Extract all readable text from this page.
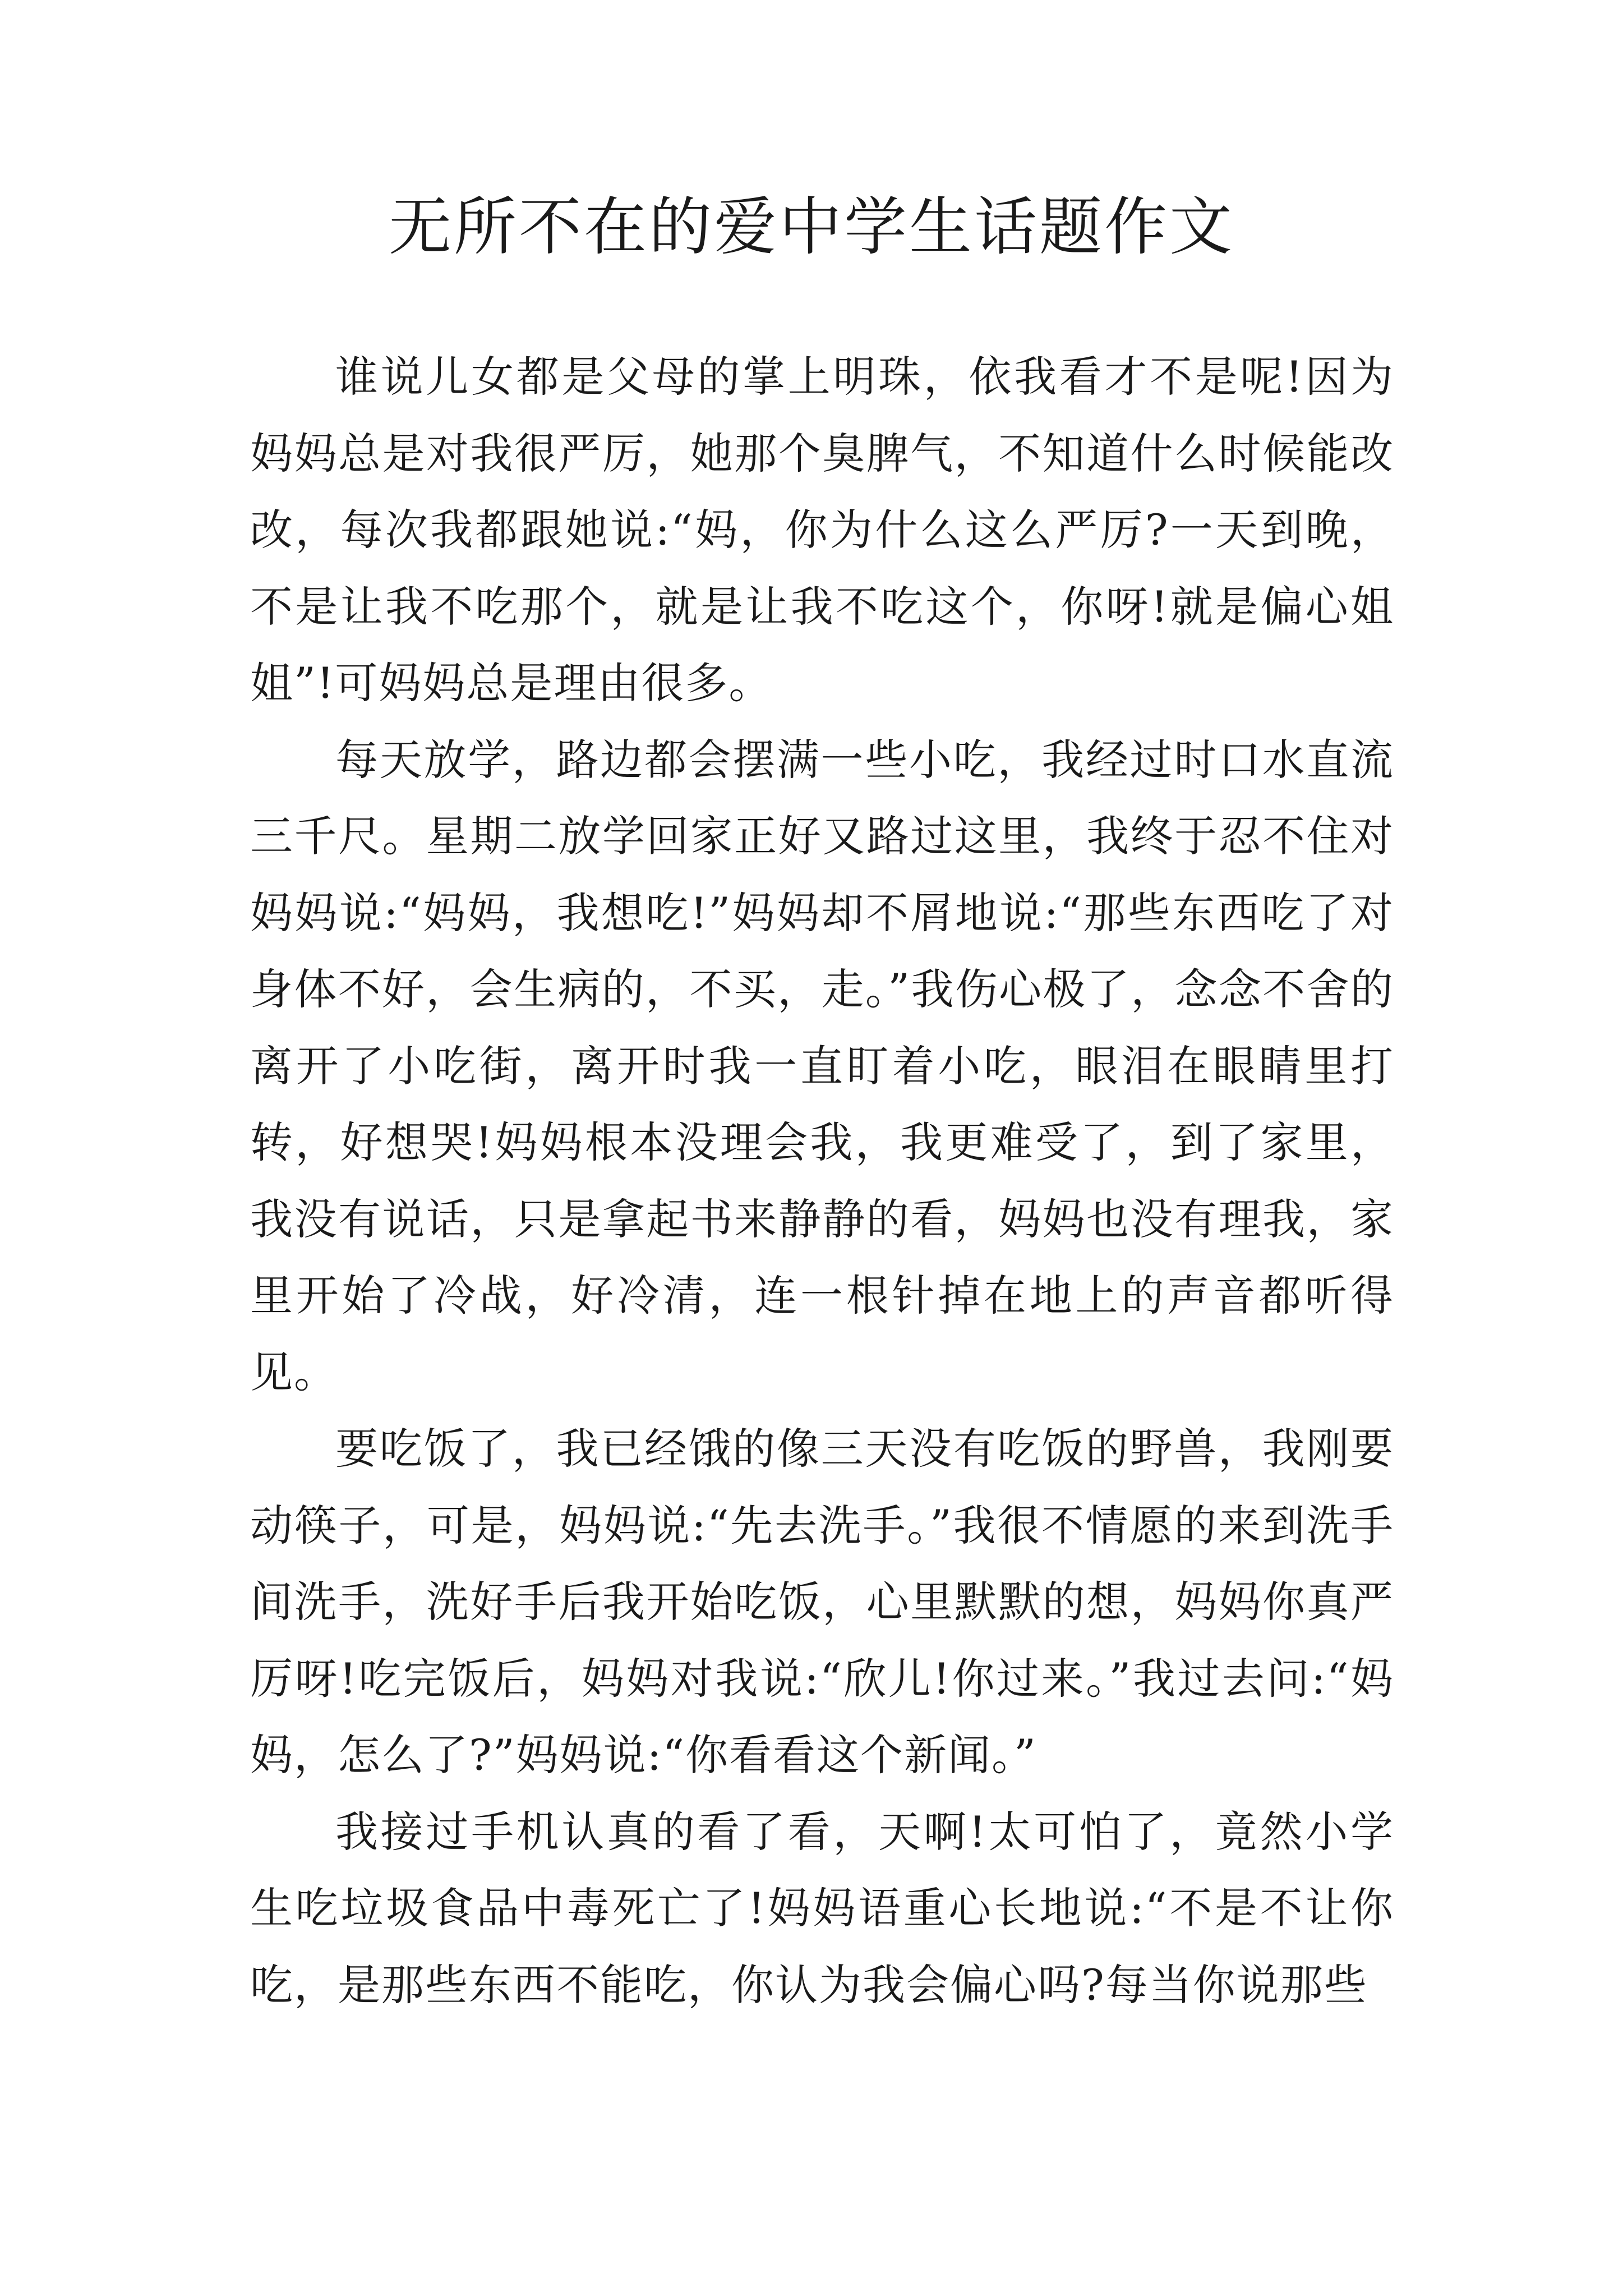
无所不在的爱中学生话题作文

谁说儿女都是父母的掌上明珠，依我看才不是呢!因为妈妈总是对我很严厉，她那个臭脾气，不知道什么时候能改改，每次我都跟她说:“妈，你为什么这么严厉?一天到晚，不是让我不吃那个，就是让我不吃这个，你呀!就是偏心姐姐”!可妈妈总是理由很多。

每天放学，路边都会摆满一些小吃，我经过时口水直流三千尺。星期二放学回家正好又路过这里，我终于忍不住对妈妈说:“妈妈，我想吃!”妈妈却不屑地说:“那些东西吃了对身体不好，会生病的，不买，走。”我伤心极了，念念不舍的离开了小吃街，离开时我一直盯着小吃，眼泪在眼睛里打转，好想哭!妈妈根本没理会我，我更难受了，到了家里，我没有说话，只是拿起书来静静的看，妈妈也没有理我，家里开始了冷战，好冷清，连一根针掉在地上的声音都听得见。

要吃饭了，我已经饿的像三天没有吃饭的野兽，我刚要动筷子，可是，妈妈说:“先去洗手。”我很不情愿的来到洗手间洗手，洗好手后我开始吃饭，心里默默的想，妈妈你真严厉呀!吃完饭后，妈妈对我说:“欣儿!你过来。”我过去问:“妈妈，怎么了?”妈妈说:“你看看这个新闻。”

我接过手机认真的看了看，天啊!太可怕了，竟然小学生吃垃圾食品中毒死亡了!妈妈语重心长地说:“不是不让你吃，是那些东西不能吃，你认为我会偏心吗?每当你说那些
